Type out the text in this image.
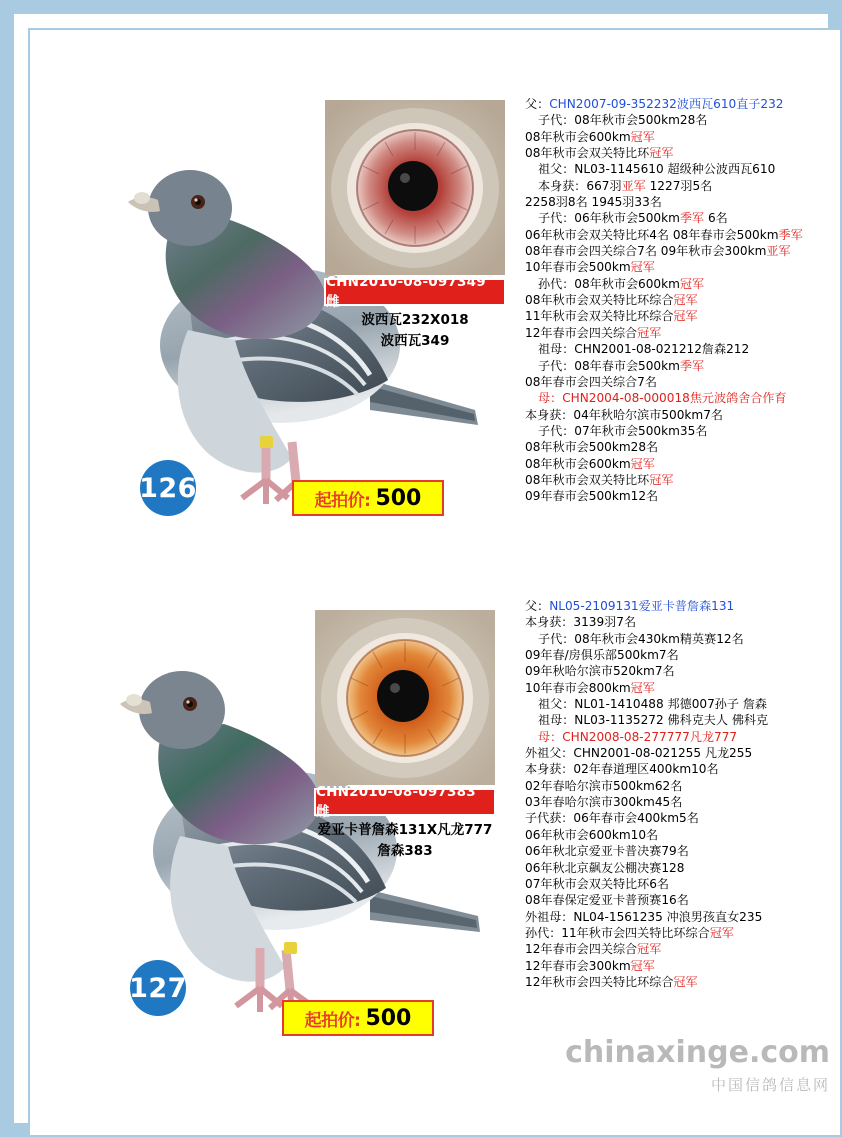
126	起拍价: 500
CHN2010-08-097349 雌
波西瓦232X018
波西瓦349
父：CHN2007-09-352232波西瓦610直子232
子代：08年秋市会500km28名
08年秋市会600km冠军
08年秋市会双关特比环冠军
祖父：NL03-1145610 超级种公波西瓦610
本身获：667羽亚军 1227羽5名
2258羽8名 1945羽33名
子代：06年秋市会500km季军 6名
06年秋市会双关特比环4名 08年春市会500km季军
08年春市会四关综合7名 09年秋市会300km亚军
10年春市会500km冠军
孙代：08年秋市会600km冠军
08年秋市会双关特比环综合冠军
11年秋市会双关特比环综合冠军
12年春市会四关综合冠军
祖母：CHN2001-08-021212詹森212
子代：08年春市会500km季军
08年春市会四关综合7名
母：CHN2004-08-000018焦元波鸽舍合作育
本身获：04年秋哈尔滨市500km7名
子代：07年秋市会500km35名
08年秋市会500km28名
08年秋市会600km冠军
08年秋市会双关特比环冠军
09年春市会500km12名
127
起拍价: 500
CHN2010-08-097383 雌
爱亚卡普詹森131X凡龙777
詹森383
父：NL05-2109131爱亚卡普詹森131
本身获：3139羽7名
子代：08年秋市会430km精英赛12名
09年春/房俱乐部500km7名
09年秋哈尔滨市520km7名
10年春市会800km冠军
祖父：NL01-1410488 邦德007孙子 詹森
祖母：NL03-1135272 佛科克夫人 佛科克
母：CHN2008-08-277777凡龙777
外祖父：CHN2001-08-021255 凡龙255
本身获：02年春道理区400km10名
02年春哈尔滨市500km62名
03年春哈尔滨市300km45名
子代获：06年春市会400km5名
06年秋市会600km10名
06年秋北京爱亚卡普决赛79名
06年秋北京飙友公棚决赛128
07年秋市会双关特比环6名
08年春保定爱亚卡普预赛16名
外祖母：NL04-1561235 冲浪男孩直女235
孙代：11年秋市会四关特比环综合冠军
12年春市会四关综合冠军
12年春市会300km冠军
12年秋市会四关特比环综合冠军
chinaxinge.com
中国信鸽信息网
